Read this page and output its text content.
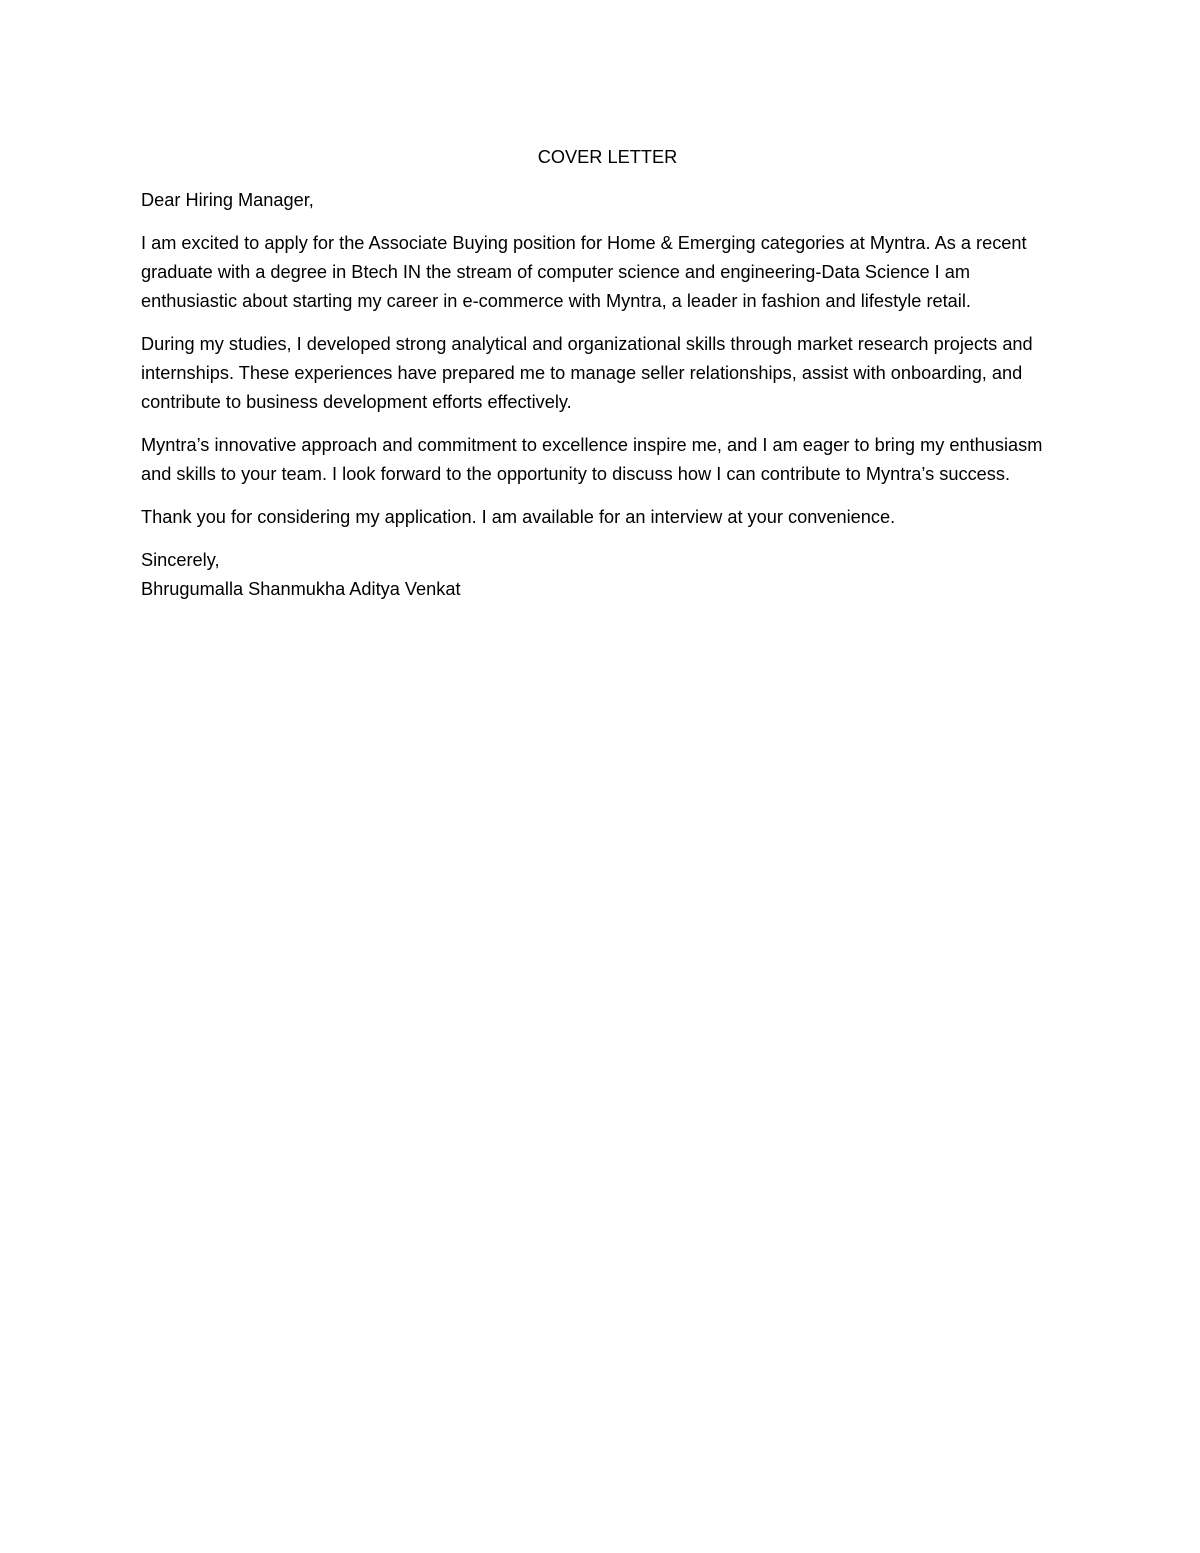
COVER LETTER

Dear Hiring Manager,

I am excited to apply for the Associate Buying position for Home & Emerging categories at Myntra. As a recent graduate with a degree in Btech IN the stream of computer science and engineering-Data Science I am enthusiastic about starting my career in e-commerce with Myntra, a leader in fashion and lifestyle retail.

During my studies, I developed strong analytical and organizational skills through market research projects and internships. These experiences have prepared me to manage seller relationships, assist with onboarding, and contribute to business development efforts effectively.

Myntra’s innovative approach and commitment to excellence inspire me, and I am eager to bring my enthusiasm and skills to your team. I look forward to the opportunity to discuss how I can contribute to Myntra’s success.

Thank you for considering my application. I am available for an interview at your convenience.

Sincerely,
Bhrugumalla Shanmukha Aditya Venkat
